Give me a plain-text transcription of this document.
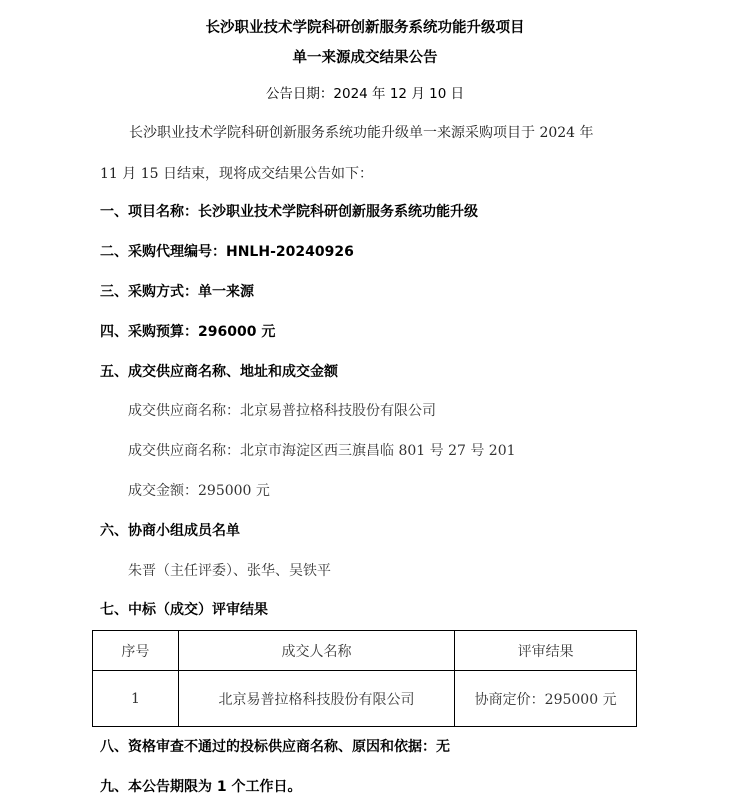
长沙职业技术学院科研创新服务系统功能升级项目
单一来源成交结果公告
公告日期：2024 年 12 月 10 日
长沙职业技术学院科研创新服务系统功能升级单一来源采购项目于 2024 年
11 月 15 日结束，现将成交结果公告如下：
一、项目名称：长沙职业技术学院科研创新服务系统功能升级
二、采购代理编号：HNLH-20240926
三、采购方式：单一来源
四、采购预算：296000 元
五、成交供应商名称、地址和成交金额
成交供应商名称：北京易普拉格科技股份有限公司
成交供应商名称：北京市海淀区西三旗昌临 801 号 27 号 201
成交金额：295000 元
六、协商小组成员名单
朱晋（主任评委）、张华、吴铁平
七、中标（成交）评审结果
序号	成交人名称	评审结果
1	北京易普拉格科技股份有限公司	协商定价：295000 元
八、资格审查不通过的投标供应商名称、原因和依据：无
九、本公告期限为 1 个工作日。
